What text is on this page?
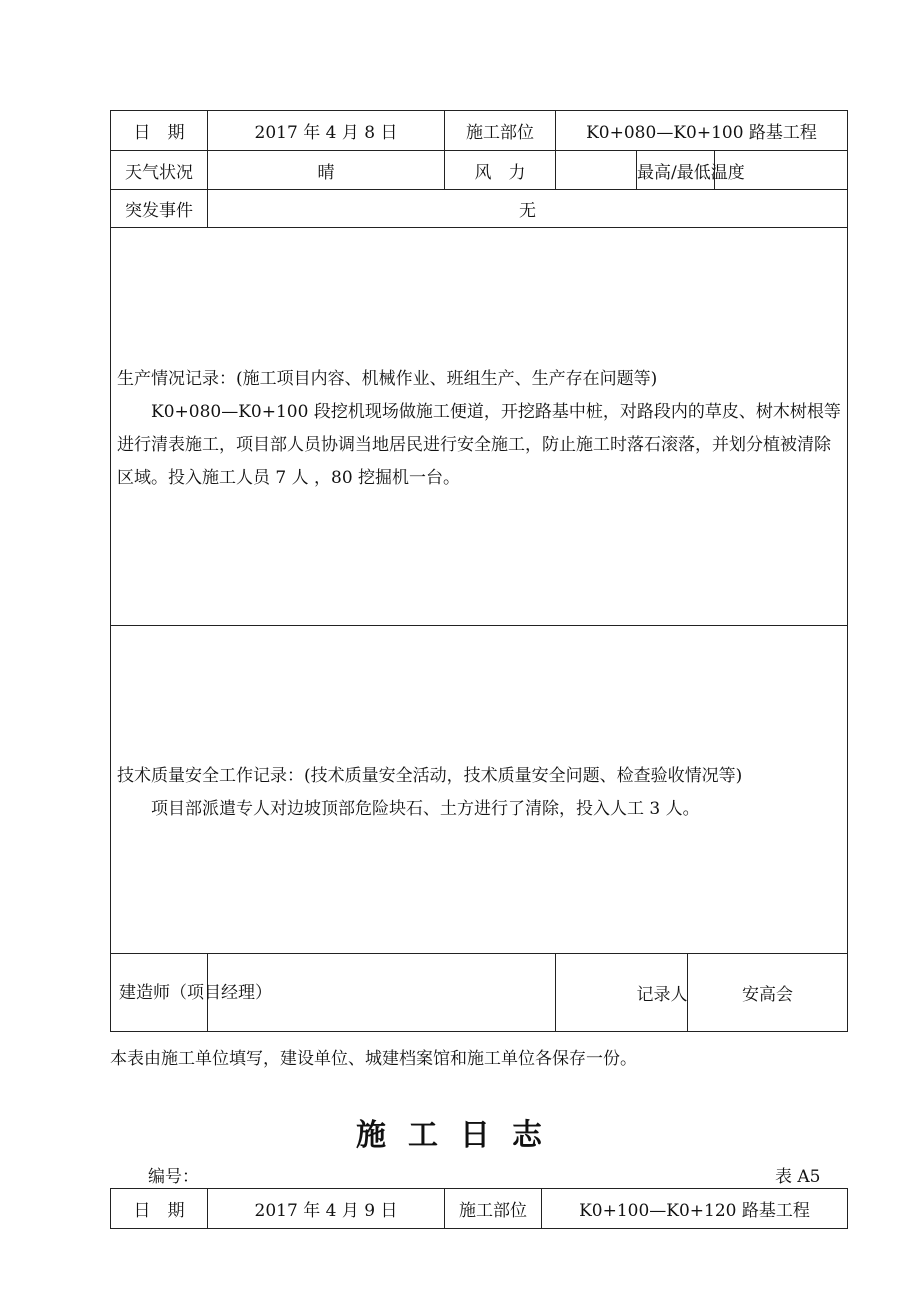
日　期	2017 年 4 月 8 日	施工部位	K0+080—K0+100 路基工程			
天气状况	晴	风　力		最高/最低温度		
突发事件	无					

生产情况记录：(施工项目内容、机械作业、班组生产、生产存在问题等)
K0+080—K0+100 段挖机现场做施工便道，开挖路基中桩，对路段内的草皮、树木树根等进行清表施工，项目部人员协调当地居民进行安全施工，防止施工时落石滚落，并划分植被清除区域。投入施工人员 7 人 ，80 挖掘机一台。						

技术质量安全工作记录：(技术质量安全活动，技术质量安全问题、检查验收情况等)
项目部派遣专人对边坡顶部危险块石、土方进行了清除，投入人工 3 人。						

建造师（项目经理）				记录人	安高会	
本表由施工单位填写，建设单位、城建档案馆和施工单位各保存一份。
施工日志
编号：	表 A5
日　期	2017 年 4 月 9 日	施工部位	K0+100—K0+120 路基工程
